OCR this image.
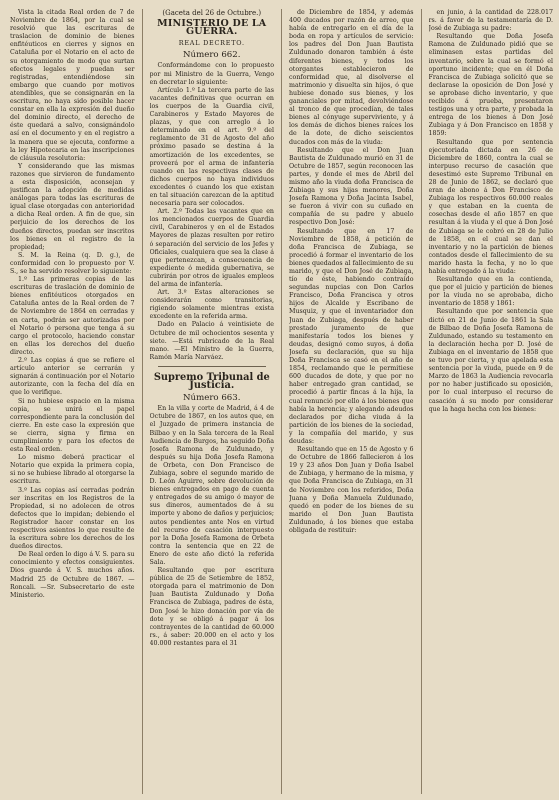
Vista la citada Real orden de 7 de Noviembre de 1864, por la cual se resolvió que las escrituras de traslacion de dominio de bienes enfitéuticos en cierres y signos en Cataluña por el Notario en el acto de su otorgamiento de modo que surtan efectos legales y puedan ser registradas, entendiéndose sin embargo que cuando por motivos atendibles, que se consignarán en la escritura, no haya sido posible hacer constar en ella la expresión del dueño del dominio directo, el derecho de éste quedará a salvo, consignándolo así en el documento y en el registro a la manera que se ejecuta, conforme a la ley Hipotecaria en las inscripciones de cláusula resolutoria:

Y considerando que las mismas razones que sirvieron de fundamento a esta disposición, aconsejan y justifican la adopción de medidas análogas para todas las escrituras de igual clase otorgadas con anterioridad a dicha Real orden. A fin de que, sin perjuicio de los derechos de los dueños directos, puedan ser inscritos los bienes en el registro de la propiedad;

S. M. la Reina (q. D. g.), de conformidad con lo propuesto por V. S., se ha servido resolver lo siguiente:

1.º Las primeras copias de las escrituras de traslación de dominio de bienes enfitéuticos otorgados en Cataluña antes de la Real orden de 7 de Noviembre de 1864 en cerradas y en carta, podrán ser autorizadas por el Notario ó persona que tenga á su cargo el protocolo, haciendo constar en ellas los derechos del dueño directo.

2.º Las copias á que se refiere el artículo anterior se cerrarán y signarán á continuación por el Notario autorizante, con la fecha del día en que lo verifique.

Si no hubiese espacio en la misma copia, se unirá el papel correspondiente para la conclusión del cierre. En este caso la expresión que se cierra, signa y firma en cumplimiento y para los efectos de esta Real orden.

Lo mismo deberá practicar el Notario que expida la primera copia, si no se hubiese librado al otorgarse la escritura.

3.º Las copias así cerradas podrán ser inscritas en los Registros de la Propiedad, si no adolecen de otros defectos que lo impidan; debiendo el Registrador hacer constar en los respectivos asientos lo que resulte de la escritura sobre los derechos de los dueños directos.

De Real orden lo digo á V. S. para su conocimiento y efectos consiguientes. Dios guarde á V. S. muchos años. Madrid 25 de Octubre de 1867. —Roncali. —Sr. Subsecretario de este Ministerio.

(Gaceta del 26 de Octubre.)
MINISTERIO DE LA GUERRA.
REAL DECRETO.
Número 662.

Conformándome con lo propuesto por mi Ministro de la Guerra, Vengo en decretar lo siguiente:

Artículo 1.º La tercera parte de las vacantes definitivas que ocurran en los cuerpos de la Guardia civil, Carabineros y Estado Mayores de plazas, y que con arreglo á lo determinado en el art. 9.º del reglamento de 31 de Agosto del año próximo pasado se destina á la amortización de los excedentes, se proveerá por el arma de infantería cuando en las respectivas clases de dichos cuerpos no haya individuos excedentes ó cuando los que existan en tal situación carezcan de la aptitud necesaria para ser colocados.

Art. 2.º Todas las vacantes que en los mencionados cuerpos de Guardia civil, Carabineros y en el de Estados Mayores de plazas resulten por retiro ó separación del servicio de los Jefes y Oficiales, cualquiera que sea la clase á que pertenezcan, a consecuencia de expediente ó medida gubernativa, se cubrirán por otros de iguales empleos del arma de infantería.

Art. 3.º Estas alteraciones se considerarán como transitorias, rigiendo solamente mientras exista excedente en la referida arma.

Dado en Palacio á veintisiete de Octubre de mil ochocientos sesenta y siete. —Está rubricado de la Real mano. —El Ministro de la Guerra, Ramón María Narváez.

Supremo Tribunal de Justicia.
Número 663.

En la villa y corte de Madrid, á 4 de Octubre de 1867, en los autos que, en el Juzgado de primera instancia de Bilbao y en la Sala tercera de la Real Audiencia de Burgos, ha seguido Doña Josefa Ramona de Zuldunado, y después su hija Doña Josefa Ramona de Orbeta, con Don Francisco de Zubiaga, sobre el segundo marido de D. León Aguirre, sobre devolución de bienes entregados en pago de cuenta y entregados de su amigo ó mayor de sus dineros, aumentados de á su importe y abono de daños y perjuicios; autos pendientes ante Nos en virtud del recurso de casación interpuesto por la Doña Josefa Ramona de Orbeta contra la sentencia que en 22 de Enero de este año dictó la referida Sala.

Resultando que por escritura pública de 25 de Setiembre de 1852, otorgada para el matrimonio de Don Juan Bautista Zuldunado y Doña Francisca de Zubiaga, padres de ésta, Don José le hizo donación por vía de dote y se obligó á pagar á los contrayentes de la cantidad de 60.000 rs., á saber: 20.000 en el acto y los 40.000 restantes para el 31

de Diciembre de 1854, y además 400 ducados por razón de arreo, que había de entregarlo en el día de la boda en ropa y artículos de servicio: los padres del Don Juan Bautista Zuldunado donaron también á éste diferentes bienes, y todos los otorgantes establecieron de conformidad que, al disolverse el matrimonio y disuelta sin hijos, ó que hubiese donado sus bienes, y los gananciales por mitad, devolviéndose al tronco de que procedían, de tales bienes al cónyuge superviviente, y á los demás de dichos bienes raíces los de la dote, de dicho seiscientos ducados con más de la viuda:

Resultando que el Don Juan Bautista de Zuldunado murió en 31 de Octubre de 1857, según reconocen las partes, y donde el mes de Abril del mismo año la viuda doña Francisca de Zubiaga y sus hijas menores, Doña Josefa Ramona y Doña Jacinta Isabel, se fueron á vivir con su cuñado en compañía de su padre y abuelo respectivo Don José:

Resultando que en 17 de Noviembre de 1858, á petición de doña Francisca de Zubiaga, se procedió á formar el inventario de los bienes quedados al fallecimiento de su marido, y que el Don José de Zubiaga, tío de éste, habiendo contraído segundas nupcias con Don Carlos Francisco, Doña Francisca y otros hijos de Alcalde y Escribano de Musquiz, y que el inventariador don Juan de Zubiaga, después de haber prestado juramento de que manifestaría todos los bienes y deudas, designó como suyos, á doña Josefa su declaración, que su hija Doña Francisca se casó en el año de 1854, reclamando que le permitiese 600 ducados de dote, y que por no haber entregado gran cantidad, se procedió á partir fincas á la hija, la cual renunció por ello á los bienes que había la herencia; y alegando adeudos declarados por dicha viuda á la partición de los bienes de la sociedad, y la compañía del marido, y sus deudas:

Resultando que en 15 de Agosto y 6 de Octubre de 1866 fallecieron á los 19 y 23 años Don Juan y Doña Isabel de Zubiaga, y hermano de la misma, y que Doña Francisca de Zubiaga, en 31 de Noviembre con los referidos, Doña Juana y Doña Manuela Zuldunado, quedó en poder de los bienes de su marido el Don Juan Bautista Zuldunado, á los bienes que estaba obligada de restituir:

en junio, á la cantidad de 228.017 rs. á favor de la testamentaría de D. José de Zubiaga su padre:

Resultando que Doña Josefa Ramona de Zuldunado pidió que se eliminasen estas partidas del inventario, sobre la cual se formó el oportuno incidente; que en él Doña Francisca de Zubiaga solicitó que se declarase la oposición de Don José y se aprobase dicho inventario, y que recibido á prueba, presentaron testigos una y otra parte, y probada la entrega de los bienes á Don José Zubiaga y á Don Francisco en 1858 y 1859:

Resultando que por sentencia ejecutoriada dictada en 26 de Diciembre de 1860, contra la cual se interpuso recurso de casación que desestimó este Supremo Tribunal en 28 de Junio de 1862, se declaró que eran de abono á Don Francisco de Zubiaga los respectivos 60.000 reales y que estaban en la cuenta de cosechas desde el año 1857 en que resultan á la viuda y el que á Don José de Zubiaga se le cobró en 28 de Julio de 1858, en el cual se dan el inventario y no la partición de bienes contados desde el fallecimiento de su marido hasta la fecha, y no lo que había entregado á la viuda:

Resultando que en la contienda, que por el juicio y partición de bienes por la viuda no se aprobaba, dicho inventario de 1858 y 1861:

Resultando que por sentencia que dictó en 21 de Junio de 1861 la Sala de Bilbao de Doña Josefa Ramona de Zuldunado, estando su testamento en la declaración hecha por D. José de Zubiaga en el inventario de 1858 que se tuvo por cierta, y que apelada esta sentencia por la viuda, puede en 9 de Marzo de 1863 la Audiencia revocarla por no haber justificado su oposición, por lo cual interpuso el recurso de casación á su modo por considerar que la haga hecha con los bienes:
